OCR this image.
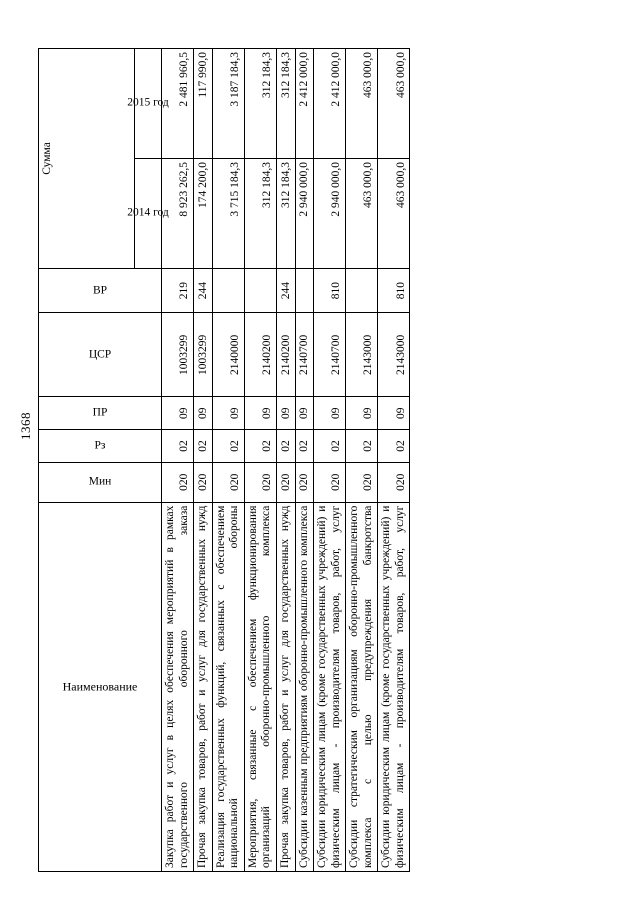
1368
Наименование	Мин	Рз	ПР	ЦСР	ВР	Сумма	

						2014 год	2015 год

Закупка работ и услуг в целях обеспечения мероприятий в рамках государственного оборонного заказа	020	02	09	1003299	219	8 923 262,5	2 481 960,5
Прочая закупка товаров, работ и услуг для государственных нужд	020	02	09	1003299	244	174 200,0	117 990,0
Реализация государственных функций, связанных с обеспечением национальной обороны	020	02	09	2140000		3 715 184,3	3 187 184,3
Мероприятия, связанные с обеспечением функционирования организаций оборонно-промышленного комплекса	020	02	09	2140200		312 184,3	312 184,3
Прочая закупка товаров, работ и услуг для государственных нужд	020	02	09	2140200	244	312 184,3	312 184,3
Субсидии казенным предприятиям оборонно-промышленного комплекса	020	02	09	2140700		2 940 000,0	2 412 000,0
Субсидии юридическим лицам (кроме государственных учреждений) и физическим лицам - производителям товаров, работ, услуг	020	02	09	2140700	810	2 940 000,0	2 412 000,0
Субсидии стратегическим организациям оборонно-промышленного комплекса с целью предупреждения банкротства	020	02	09	2143000		463 000,0	463 000,0
Субсидии юридическим лицам (кроме государственных учреждений) и физическим лицам - производителям товаров, работ, услуг	020	02	09	2143000	810	463 000,0	463 000,0
